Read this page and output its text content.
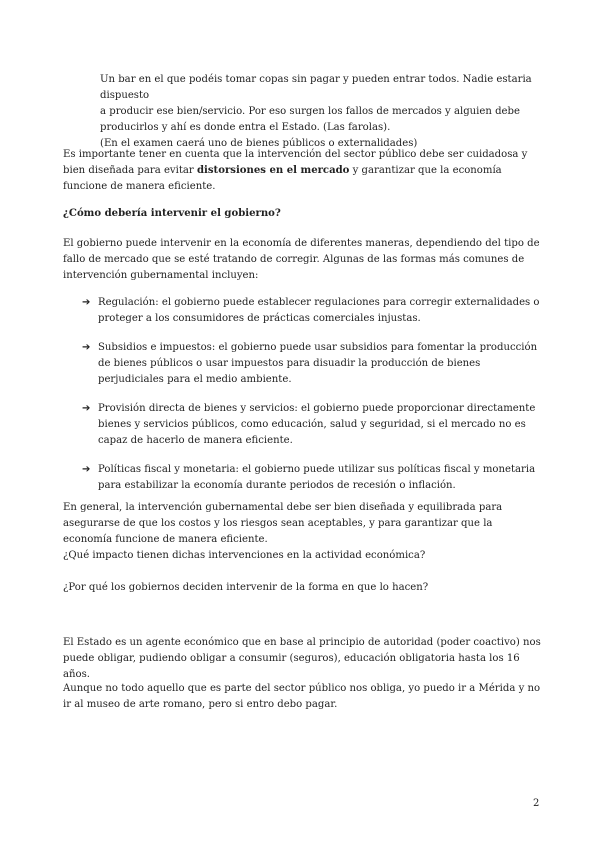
Un bar en el que podéis tomar copas sin pagar y pueden entrar todos. Nadie estaria dispuesto

a producir ese bien/servicio. Por eso surgen los fallos de mercados y alguien debe

producirlos y ahí es donde entra el Estado. (Las farolas).

(En el examen caerá uno de bienes públicos o externalidades)

Es importante tener en cuenta que la intervención del sector público debe ser cuidadosa y bien diseñada para evitar distorsiones en el mercado y garantizar que la economía funcione de manera eficiente.

¿Cómo debería intervenir el gobierno?

El gobierno puede intervenir en la economía de diferentes maneras, dependiendo del tipo de fallo de mercado que se esté tratando de corregir. Algunas de las formas más comunes de intervención gubernamental incluyen:

➔ Regulación: el gobierno puede establecer regulaciones para corregir externalidades o proteger a los consumidores de prácticas comerciales injustas.
➔ Subsidios e impuestos: el gobierno puede usar subsidios para fomentar la producción de bienes públicos o usar impuestos para disuadir la producción de bienes perjudiciales para el medio ambiente.
➔ Provisión directa de bienes y servicios: el gobierno puede proporcionar directamente bienes y servicios públicos, como educación, salud y seguridad, si el mercado no es capaz de hacerlo de manera eficiente.
➔ Políticas fiscal y monetaria: el gobierno puede utilizar sus políticas fiscal y monetaria para estabilizar la economía durante periodos de recesión o inflación.

En general, la intervención gubernamental debe ser bien diseñada y equilibrada para asegurarse de que los costos y los riesgos sean aceptables, y para garantizar que la economía funcione de manera eficiente.

¿Qué impacto tienen dichas intervenciones en la actividad económica?

¿Por qué los gobiernos deciden intervenir de la forma en que lo hacen?

El Estado es un agente económico que en base al principio de autoridad (poder coactivo) nos puede obligar, pudiendo obligar a consumir (seguros), educación obligatoria hasta los 16 años.

Aunque no todo aquello que es parte del sector público nos obliga, yo puedo ir a Mérida y no ir al museo de arte romano, pero si entro debo pagar.

2
